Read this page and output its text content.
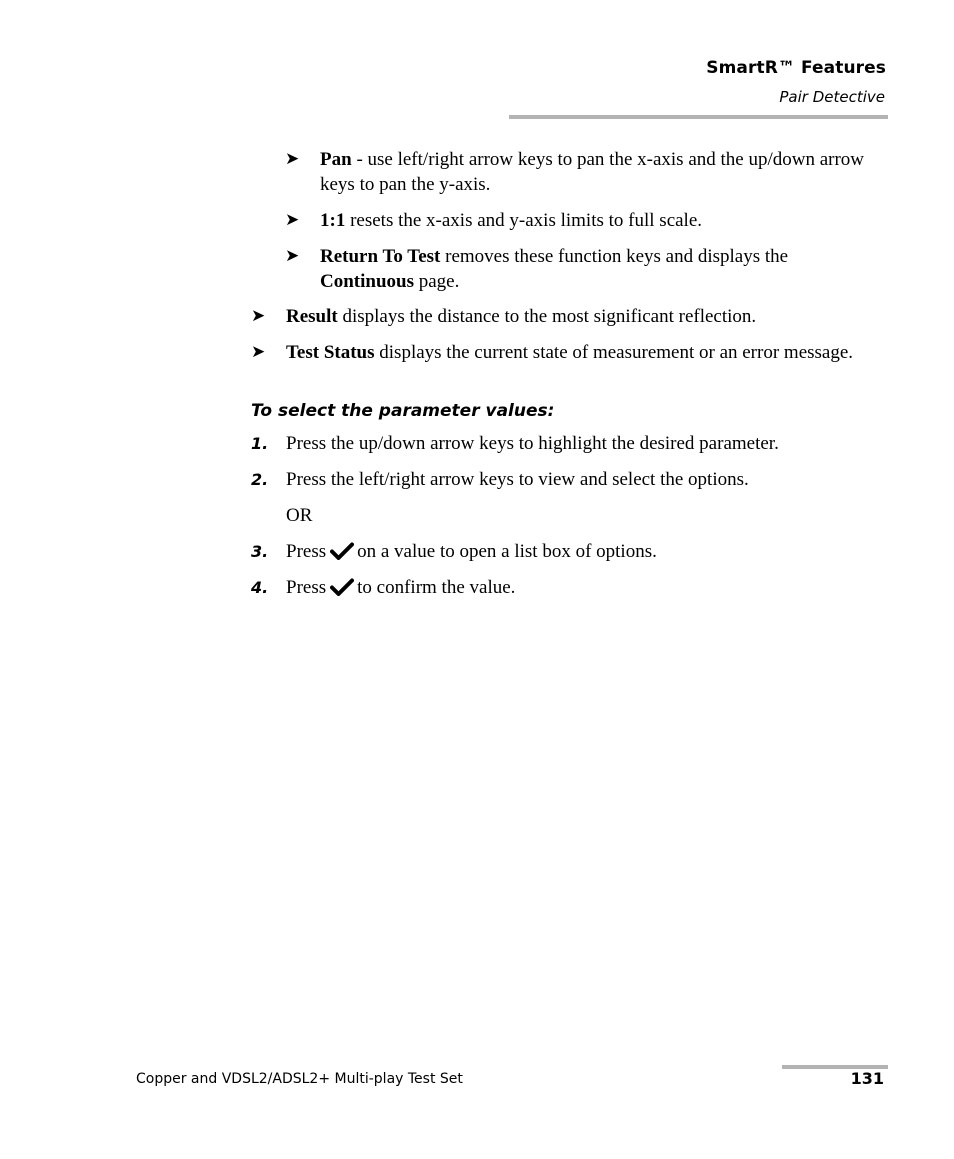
SmartR™ Features
Pair Detective
➤ Pan - use left/right arrow keys to pan the x-axis and the up/down arrow keys to pan the y-axis.
➤ 1:1 resets the x-axis and y-axis limits to full scale.
➤ Return To Test removes these function keys and displays the Continuous page.
➤ Result displays the distance to the most significant reflection.
➤ Test Status displays the current state of measurement or an error message.
To select the parameter values:
1. Press the up/down arrow keys to highlight the desired parameter.
2. Press the left/right arrow keys to view and select the options.
OR
3. Press on a value to open a list box of options.
4. Press to confirm the value.
Copper and VDSL2/ADSL2+ Multi-play Test Set	131
